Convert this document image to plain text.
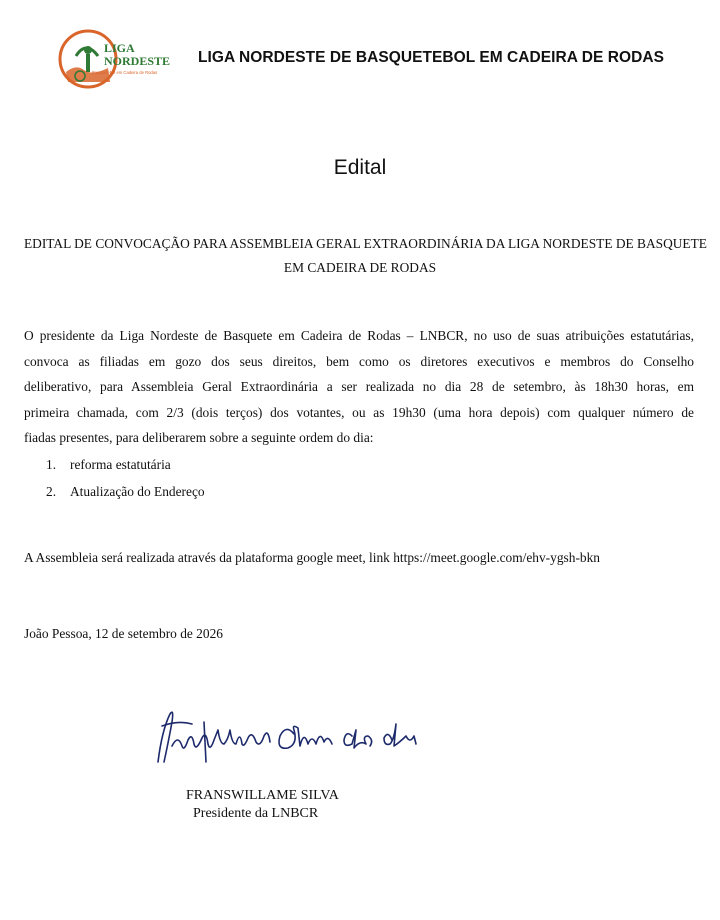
LIGA
NORDESTE
Basquetebol em Cadeira de Rodas
LIGA NORDESTE DE BASQUETEBOL EM CADEIRA DE RODAS
Edital
EDITAL DE CONVOCAÇÃO PARA ASSEMBLEIA GERAL EXTRAORDINÁRIA DA LIGA NORDESTE DE BASQUETE
EM CADEIRA DE RODAS
O presidente da Liga Nordeste de Basquete em Cadeira de Rodas – LNBCR, no uso de suas atribuições estatutárias,
convoca as filiadas em gozo dos seus direitos, bem como os diretores executivos e membros do Conselho
deliberativo, para Assembleia Geral Extraordinária a ser realizada no dia 28 de setembro, às 18h30 horas, em
primeira chamada, com 2/3 (dois terços) dos votantes, ou as 19h30 (uma hora depois) com qualquer número de
fiadas presentes, para deliberarem sobre a seguinte ordem do dia:
1. reforma estatutária
2. Atualização do Endereço
A Assembleia será realizada através da plataforma google meet, link https://meet.google.com/ehv-ygsh-bkn
João Pessoa, 12 de setembro de 2026
FRANSWILLAME SILVA
Presidente da LNBCR
